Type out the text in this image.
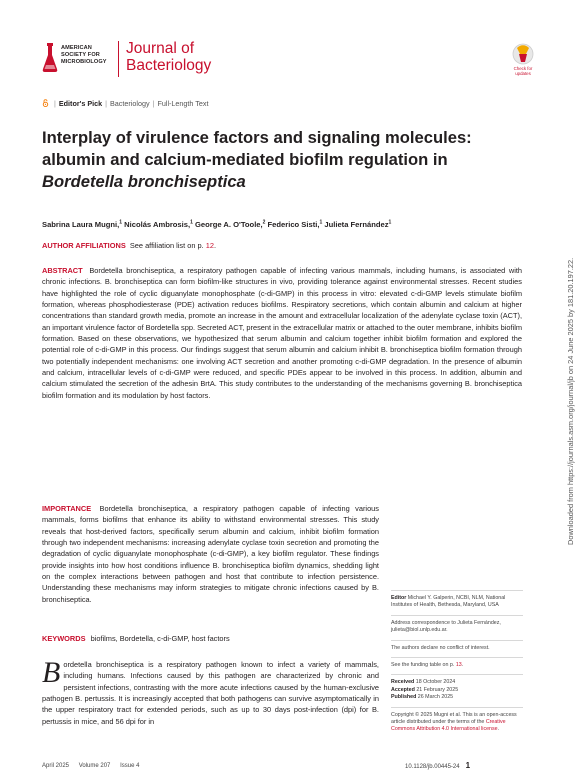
AMERICAN
SOCIETY FOR
MICROBIOLOGY
Journal of
Bacteriology	Check for
updates
| Editor's Pick | Bacteriology | Full-Length Text
Interplay of virulence factors and signaling molecules:
albumin and calcium-mediated biofilm regulation in
Bordetella bronchiseptica
Sabrina Laura Mugni,$^1$ Nicolás Ambrosis,$^1$ George A. O'Toole,$^2$ Federico Sisti,$^1$ Julieta Fernández$^1$
AUTHOR AFFILIATIONS See affiliation list on p. 12.
ABSTRACT Bordetella bronchiseptica, a respiratory pathogen capable of infecting various mammals, including humans, is associated with chronic infections. B. bronchiseptica can form biofilm-like structures in vivo, providing tolerance against environmental stresses. Recent studies have highlighted the role of cyclic diguanylate monophosphate (c-di-GMP) in this process in vitro: elevated c-di-GMP levels stimulate biofilm formation, whereas phosphodiesterase (PDE) activation reduces biofilms. Respiratory secretions, which contain albumin and calcium at higher concentrations than standard growth media, promote an increase in the amount and extracellular localization of the adenylate cyclase toxin (ACT), an important virulence factor of Bordetella spp. Secreted ACT, present in the extracellular matrix or attached to the outer membrane, inhibits biofilm formation. Based on these observations, we hypothesized that serum albumin and calcium together inhibit biofilm formation and explored the potential role of c-di-GMP in this process. Our findings suggest that serum albumin and calcium inhibit B. bronchiseptica biofilm formation through two potentially independent mechanisms: one involving ACT secretion and another promoting c-di-GMP degradation. In the presence of albumin and calcium, intracellular levels of c-di-GMP were reduced, and specific PDEs appear to be involved in this process. In addition, albumin and calcium stimulated the secretion of the adhesin BrtA. This study contributes to the understanding of the mechanisms governing B. bronchiseptica biofilm formation and its modulation by host factors.
IMPORTANCE Bordetella bronchiseptica, a respiratory pathogen capable of infecting various mammals, forms biofilms that enhance its ability to withstand environmental stresses. This study reveals that host-derived factors, specifically serum albumin and calcium, inhibit biofilm formation through two independent mechanisms: increasing adenylate cyclase toxin secretion and promoting the degradation of cyclic diguanylate monophosphate (c-di-GMP), a key biofilm regulator. These findings provide insights into how host conditions influence B. bronchiseptica biofilm dynamics, shedding light on the complex interactions between pathogen and host that contribute to infection persistence. Understanding these mechanisms may inform strategies to mitigate chronic infections caused by B. bronchiseptica.
KEYWORDS biofilms, Bordetella, c-di-GMP, host factors
B ordetella bronchiseptica is a respiratory pathogen known to infect a variety of mammals, including humans. Infections caused by this pathogen are characterized by chronic and persistent infections, contrasting with the more acute infections caused by the human-exclusive pathogen B. pertussis. It is increasingly accepted that both pathogens can survive asymptomatically in the upper respiratory tract for extended periods, such as up to 30 days post-infection (dpi) for B. pertussis in mice, and 56 dpi for in

Editor Michael Y. Galperin, NCBI, NLM, National Institutes of Health, Bethesda, Maryland, USA

Address correspondence to Julieta Fernández, julieta@biol.unlp.edu.ar.

The authors declare no conflict of interest.

See the funding table on p. 13.

Received 18 October 2024
Accepted 21 February 2025
Published 26 March 2025

Copyright © 2025 Mugni et al. This is an open-access article distributed under the terms of the Creative Commons Attribution 4.0 International license.

Downloaded from https://journals.asm.org/journal/jb on 24 June 2025 by 181.20.197.22.
April 2025 Volume 207 Issue 4	10.1128/jb.00445-24 1
